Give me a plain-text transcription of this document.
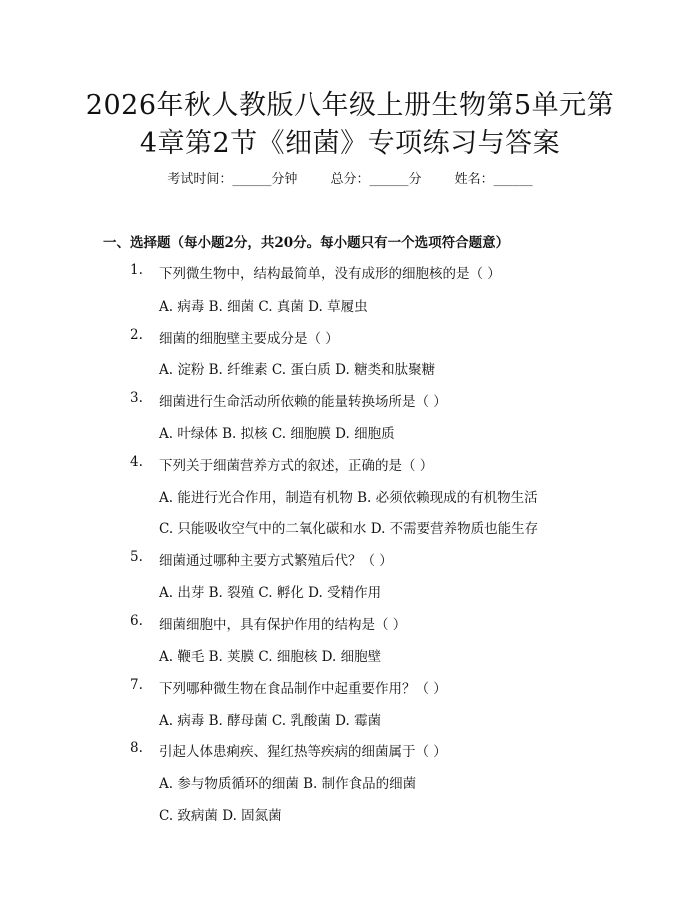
2026年秋人教版八年级上册生物第5单元第
4章第2节《细菌》专项练习与答案
考试时间：______分钟	总分：______分	姓名：______
一、选择题（每小题2分，共20分。每小题只有一个选项符合题意）
1. 下列微生物中，结构最简单，没有成形的细胞核的是（ ）
A. 病毒 B. 细菌 C. 真菌 D. 草履虫
2. 细菌的细胞壁主要成分是（ ）
A. 淀粉 B. 纤维素 C. 蛋白质 D. 糖类和肽聚糖
3. 细菌进行生命活动所依赖的能量转换场所是（ ）
A. 叶绿体 B. 拟核 C. 细胞膜 D. 细胞质
4. 下列关于细菌营养方式的叙述，正确的是（ ）
A. 能进行光合作用，制造有机物 B. 必须依赖现成的有机物生活
C. 只能吸收空气中的二氧化碳和水 D. 不需要营养物质也能生存
5. 细菌通过哪种主要方式繁殖后代？（ ）
A. 出芽 B. 裂殖 C. 孵化 D. 受精作用
6. 细菌细胞中，具有保护作用的结构是（ ）
A. 鞭毛 B. 荚膜 C. 细胞核 D. 细胞壁
7. 下列哪种微生物在食品制作中起重要作用？（ ）
A. 病毒 B. 酵母菌 C. 乳酸菌 D. 霉菌
8. 引起人体患痢疾、猩红热等疾病的细菌属于（ ）
A. 参与物质循环的细菌 B. 制作食品的细菌
C. 致病菌 D. 固氮菌
